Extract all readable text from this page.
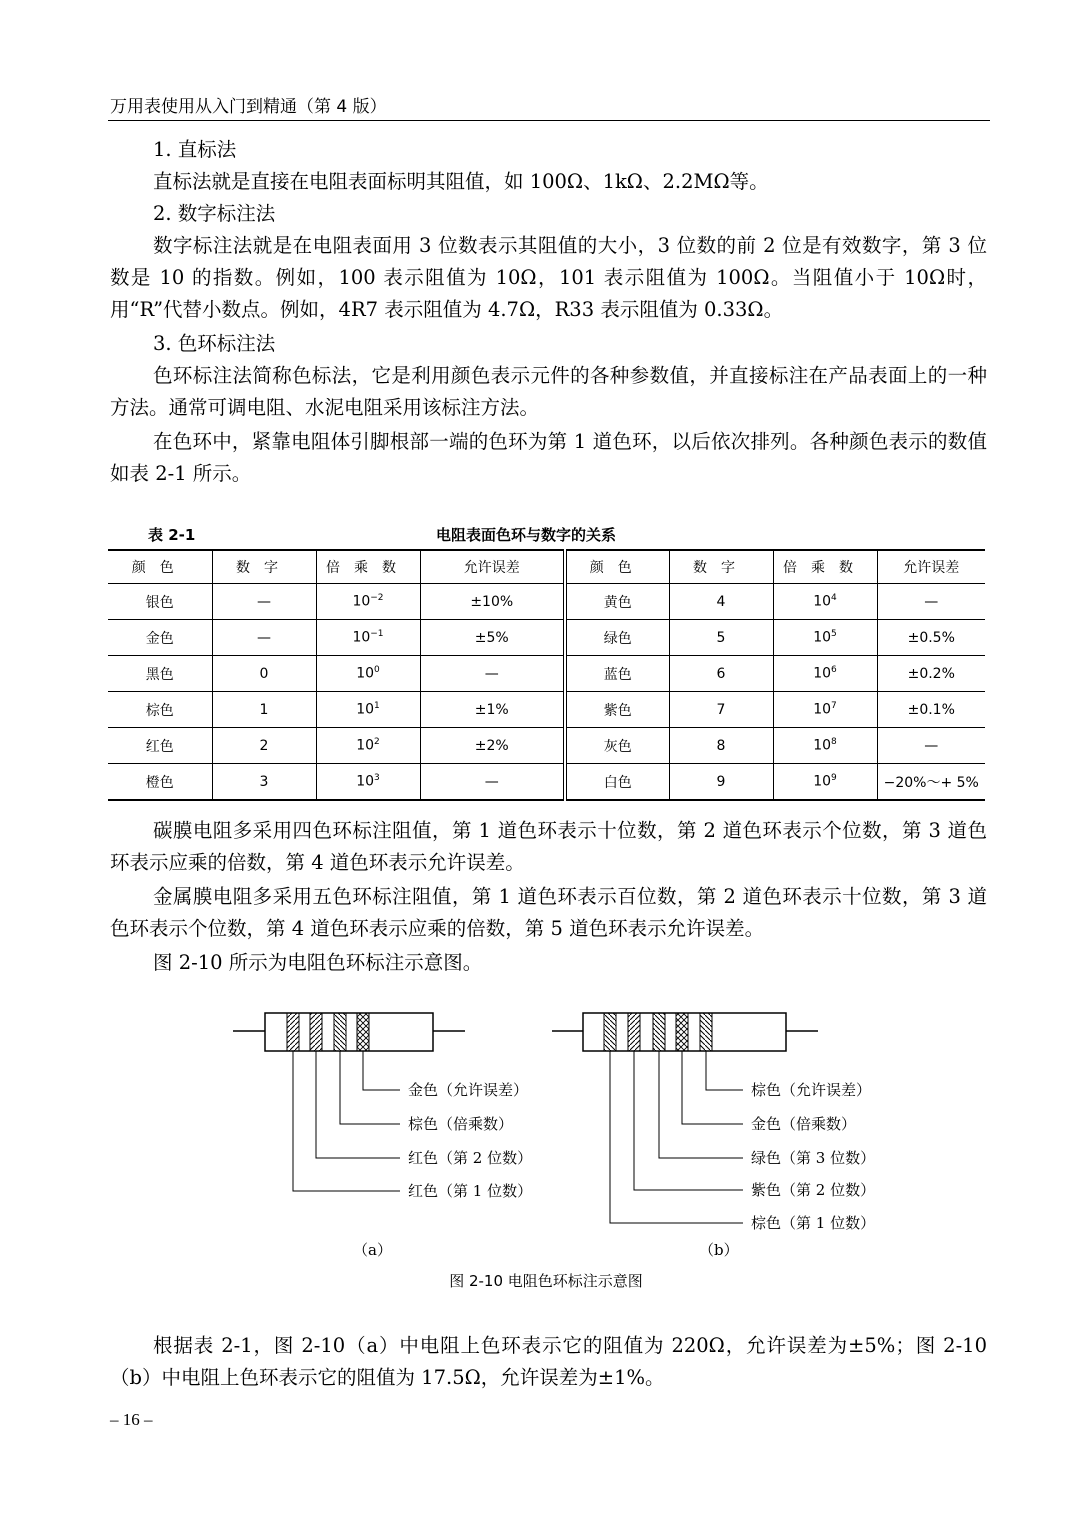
万用表使用从入门到精通（第 4 版）
1. 直标法
直标法就是直接在电阻表面标明其阻值，如 100Ω、1kΩ、2.2MΩ等。
2. 数字标注法
数字标注法就是在电阻表面用 3 位数表示其阻值的大小，3 位数的前 2 位是有效数字，第 3 位数是 10 的指数。例如，100 表示阻值为 10Ω，101 表示阻值为 100Ω。当阻值小于 10Ω时，用“R”代替小数点。例如，4R7 表示阻值为 4.7Ω，R33 表示阻值为 0.33Ω。
3. 色环标注法
色环标注法简称色标法，它是利用颜色表示元件的各种参数值，并直接标注在产品表面上的一种方法。通常可调电阻、水泥电阻采用该标注方法。
在色环中，紧靠电阻体引脚根部一端的色环为第 1 道色环，以后依次排列。各种颜色表示的数值如表 2-1 所示。
表 2-1	电阻表面色环与数字的关系
颜色	数字	倍乘数	允许误差	颜色	数字	倍乘数	允许误差
银色	—	$10^{-2}$	±10%	黄色	4	$10^4$	—
金色	—	$10^{-1}$	±5%	绿色	5	$10^5$	±0.5%
黑色	0	$10^0$	—	蓝色	6	$10^6$	±0.2%
棕色	1	$10^1$	±1%	紫色	7	$10^7$	±0.1%
红色	2	$10^2$	±2%	灰色	8	$10^8$	—
橙色	3	$10^3$	—	白色	9	$10^9$	−20%～+ 5%
碳膜电阻多采用四色环标注阻值，第 1 道色环表示十位数，第 2 道色环表示个位数，第 3 道色环表示应乘的倍数，第 4 道色环表示允许误差。
金属膜电阻多采用五色环标注阻值，第 1 道色环表示百位数，第 2 道色环表示十位数，第 3 道色环表示个位数，第 4 道色环表示应乘的倍数，第 5 道色环表示允许误差。
图 2-10 所示为电阻色环标注示意图。
金色（允许误差）
棕色（倍乘数）
红色（第 2 位数）
红色（第 1 位数）
（a）
棕色（允许误差）
金色（倍乘数）
绿色（第 3 位数）
紫色（第 2 位数）
棕色（第 1 位数）
（b）
图 2-10 电阻色环标注示意图
根据表 2-1，图 2-10（a）中电阻上色环表示它的阻值为 220Ω，允许误差为±5%；图 2-10（b）中电阻上色环表示它的阻值为 17.5Ω，允许误差为±1%。
– 16 –
